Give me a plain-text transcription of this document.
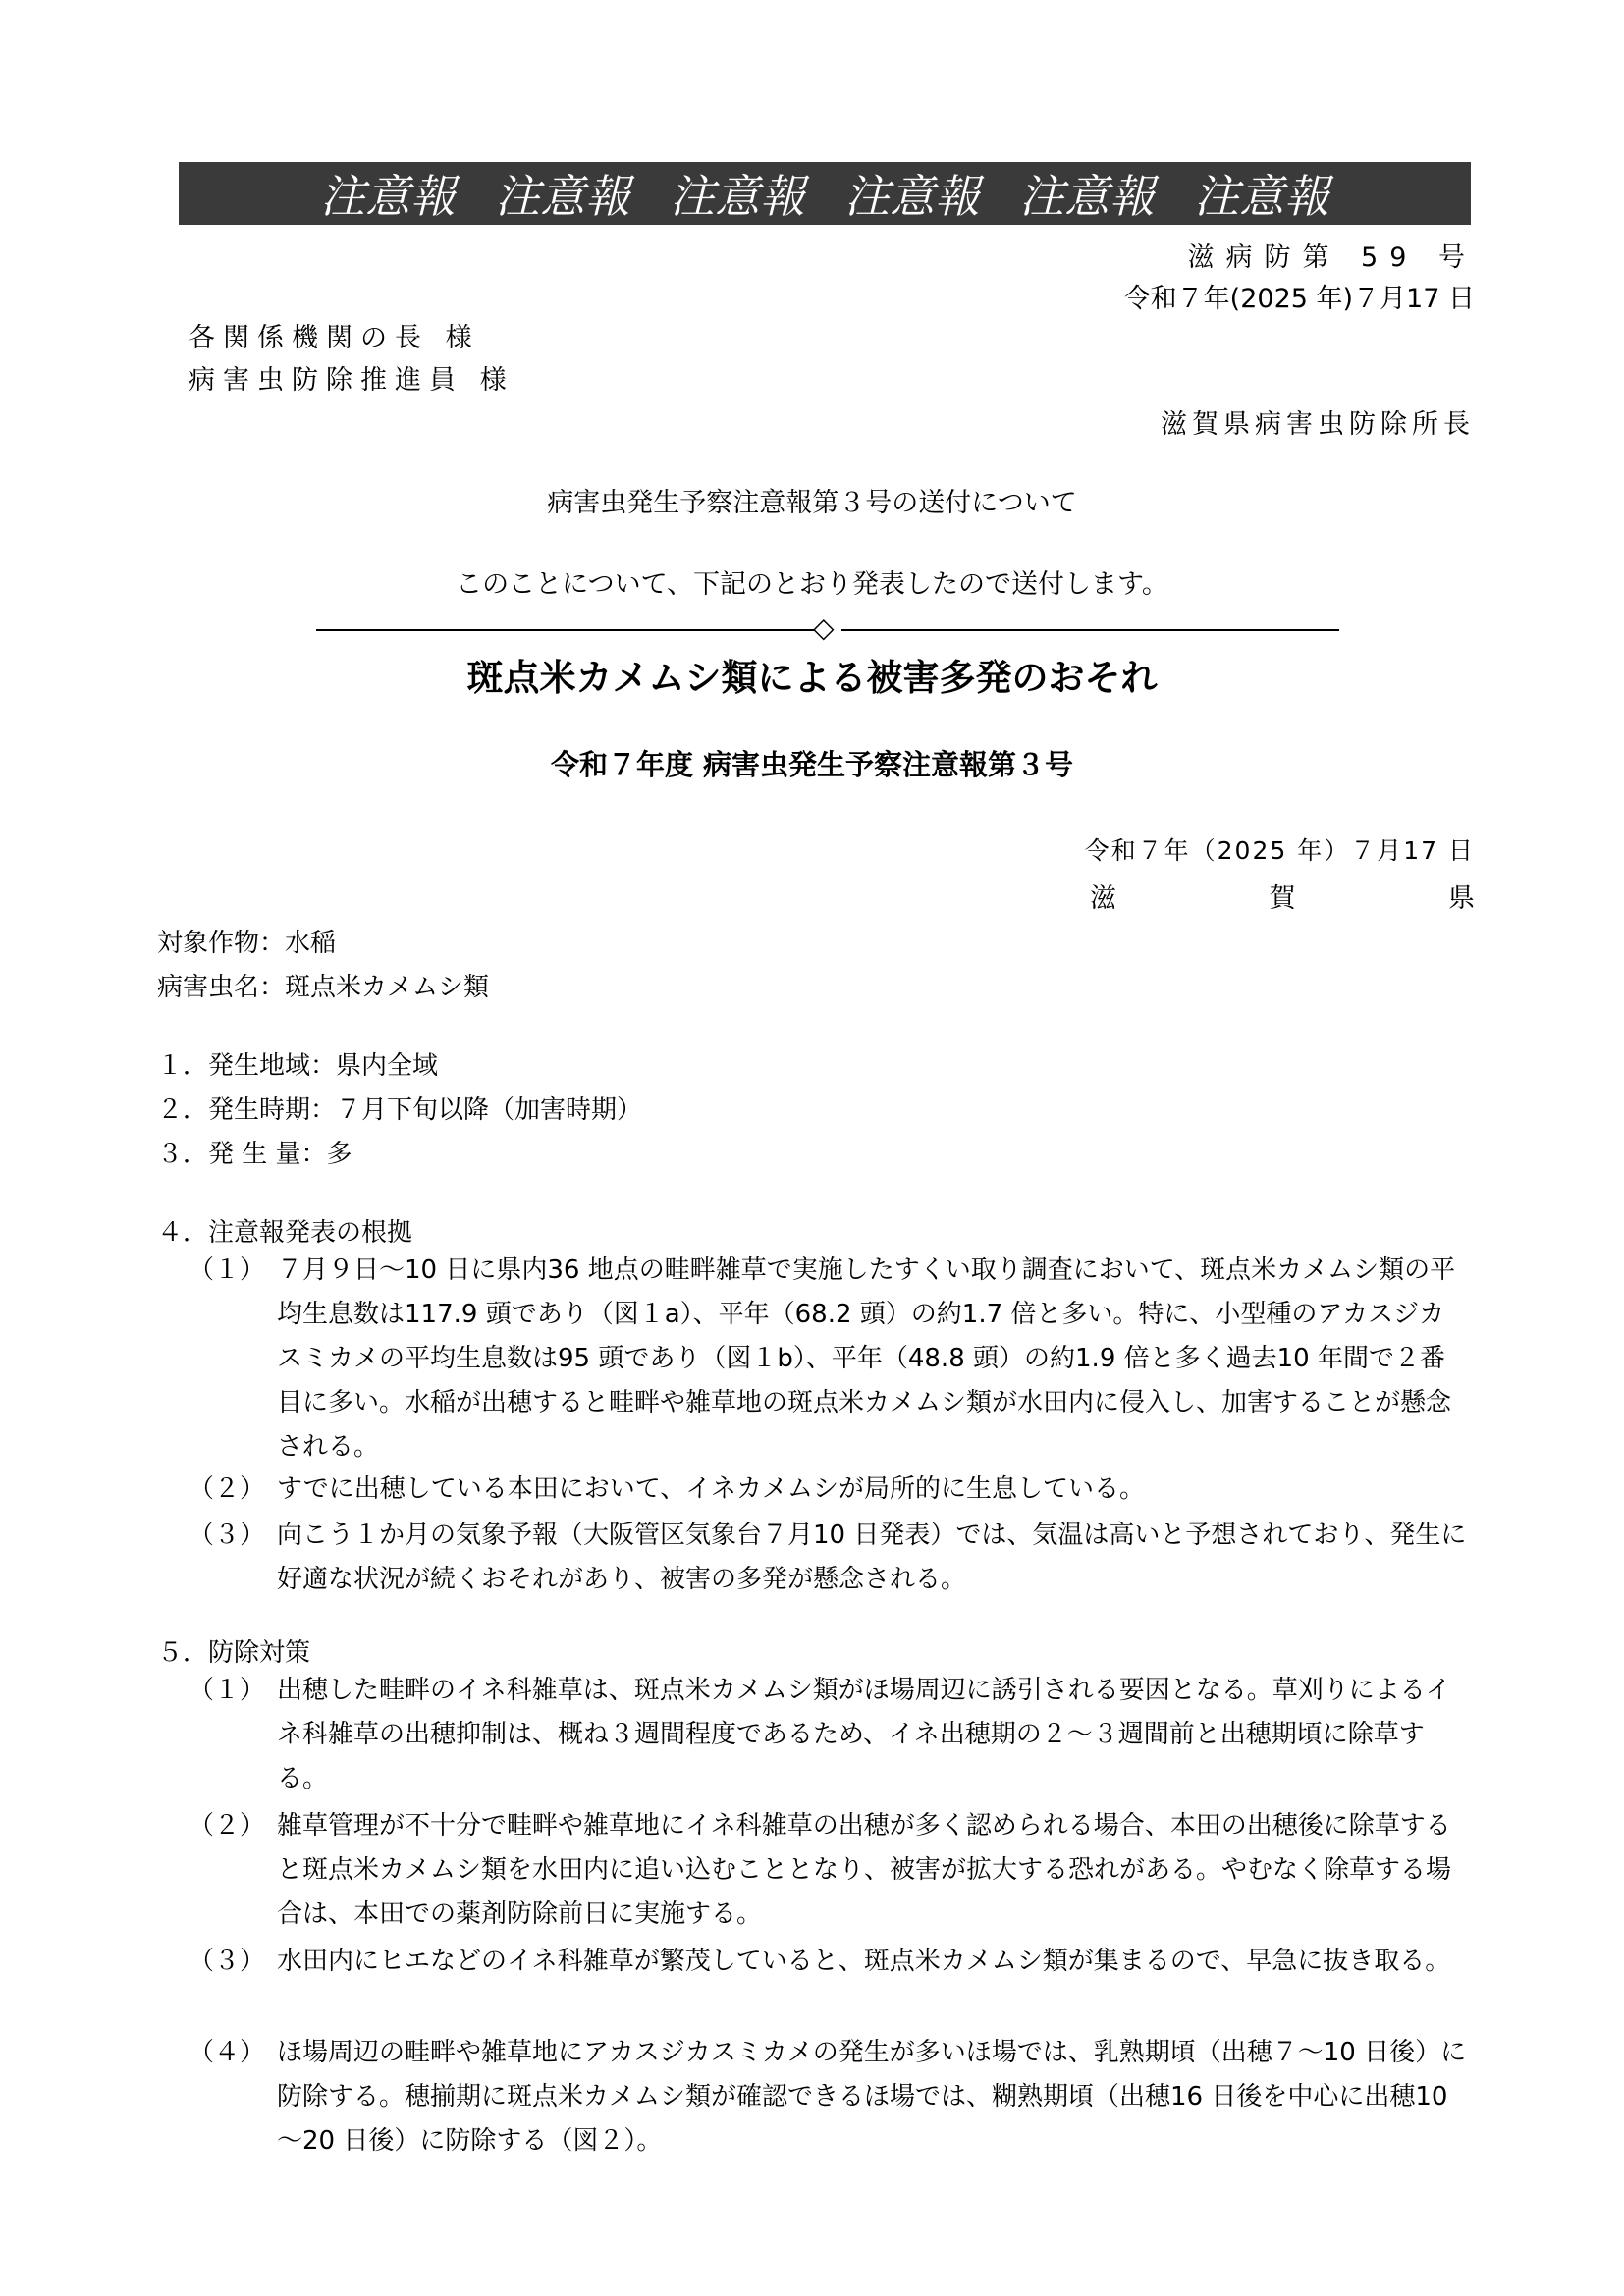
注意報 注意報 注意報 注意報 注意報 注意報
滋病防第 59 号
令和７年(2025 年)７月17 日
各関係機関の長 様
病害虫防除推進員 様
滋賀県病害虫防除所長
病害虫発生予察注意報第３号の送付について
このことについて、下記のとおり発表したので送付します。
◇
斑点米カメムシ類による被害多発のおそれ
令和７年度 病害虫発生予察注意報第３号
令和７年（2025 年）７月17 日
滋	賀	県
対象作物：水稲
病害虫名：斑点米カメムシ類
１．発生地域：県内全域
２．発生時期：７月下旬以降（加害時期）
３．発 生 量：多
４．注意報発表の根拠
（１） ７月９日～10 日に県内36 地点の畦畔雑草で実施したすくい取り調査において、斑点米カメムシ類の平均生息数は117.9 頭であり（図１a）、平年（68.2 頭）の約1.7 倍と多い。特に、小型種のアカスジカスミカメの平均生息数は95 頭であり（図１b）、平年（48.8 頭）の約1.9 倍と多く過去10 年間で２番目に多い。水稲が出穂すると畦畔や雑草地の斑点米カメムシ類が水田内に侵入し、加害することが懸念される。
（２） すでに出穂している本田において、イネカメムシが局所的に生息している。
（３） 向こう１か月の気象予報（大阪管区気象台７月10 日発表）では、気温は高いと予想されており、発生に好適な状況が続くおそれがあり、被害の多発が懸念される。
５．防除対策
（１） 出穂した畦畔のイネ科雑草は、斑点米カメムシ類がほ場周辺に誘引される要因となる。草刈りによるイネ科雑草の出穂抑制は、概ね３週間程度であるため、イネ出穂期の２～３週間前と出穂期頃に除草する。
（２） 雑草管理が不十分で畦畔や雑草地にイネ科雑草の出穂が多く認められる場合、本田の出穂後に除草すると斑点米カメムシ類を水田内に追い込むこととなり、被害が拡大する恐れがある。やむなく除草する場合は、本田での薬剤防除前日に実施する。
（３） 水田内にヒエなどのイネ科雑草が繁茂していると、斑点米カメムシ類が集まるので、早急に抜き取る。
（４） ほ場周辺の畦畔や雑草地にアカスジカスミカメの発生が多いほ場では、乳熟期頃（出穂７～10 日後）に防除する。穂揃期に斑点米カメムシ類が確認できるほ場では、糊熟期頃（出穂16 日後を中心に出穂10～20 日後）に防除する（図２）。
